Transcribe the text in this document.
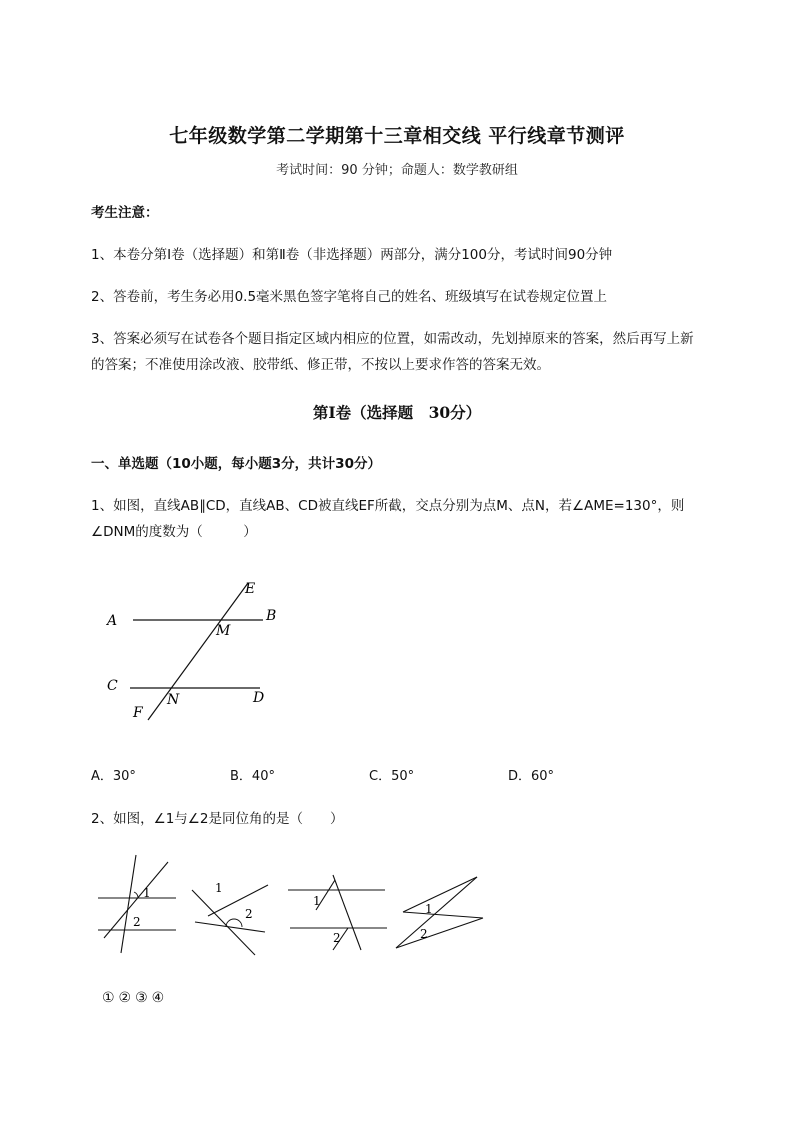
七年级数学第二学期第十三章相交线 平行线章节测评
考试时间：90 分钟；命题人：数学教研组
考生注意：
1、本卷分第I卷（选择题）和第Ⅱ卷（非选择题）两部分，满分100分，考试时间90分钟
2、答卷前，考生务必用0.5毫米黑色签字笔将自己的姓名、班级填写在试卷规定位置上
3、答案必须写在试卷各个题目指定区域内相应的位置，如需改动，先划掉原来的答案，然后再写上新
的答案；不准使用涂改液、胶带纸、修正带，不按以上要求作答的答案无效。
第I卷（选择题　30分）
一、单选题（10小题，每小题3分，共计30分）
1、如图，直线AB∥CD，直线AB、CD被直线EF所截，交点分别为点M、点N，若∠AME=130°，则
∠DNM的度数为（　　　）
A	B
C
D
E
F
M
N
A．30°	B．40°	C．50°	D．60°
2、如图，∠1与∠2是同位角的是（　　）
1
2
1
2
1
2
1
2
①②③④
